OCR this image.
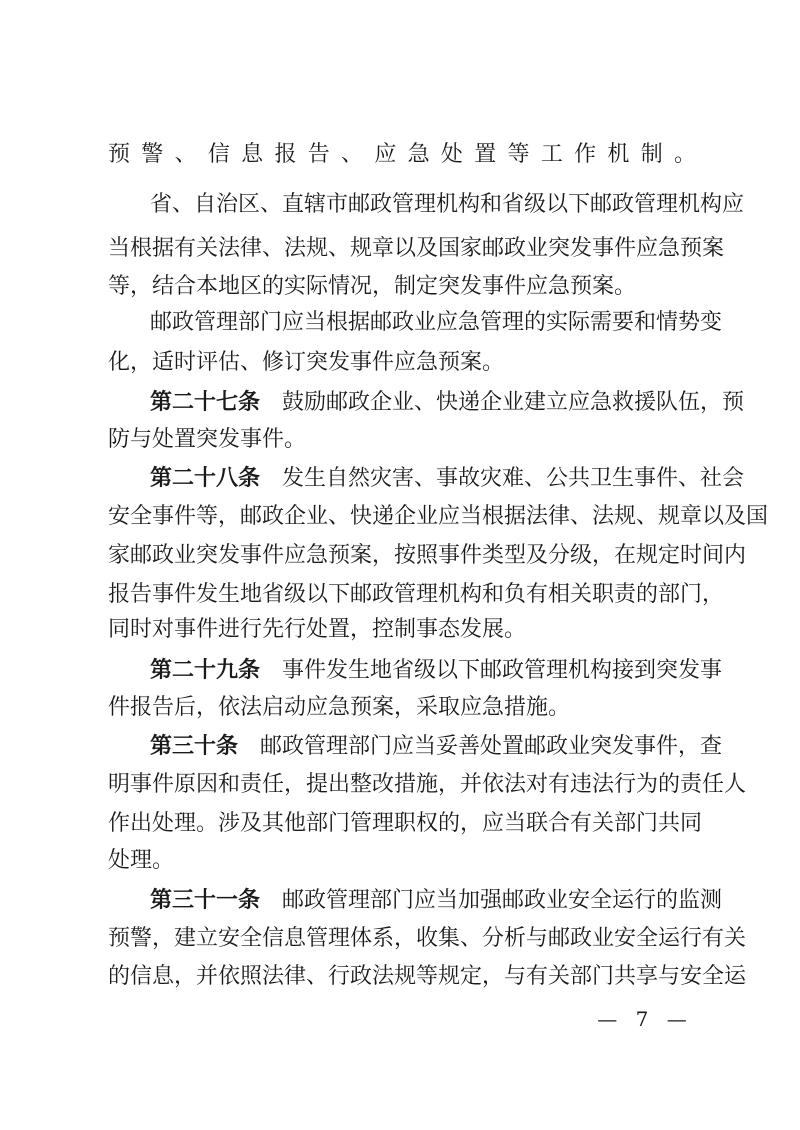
预警、信息报告、应急处置等工作机制。
省、自治区、直辖市邮政管理机构和省级以下邮政管理机构应
当根据有关法律、法规、规章以及国家邮政业突发事件应急预案
等，结合本地区的实际情况，制定突发事件应急预案。
邮政管理部门应当根据邮政业应急管理的实际需要和情势变
化，适时评估、修订突发事件应急预案。
第二十七条 鼓励邮政企业、快递企业建立应急救援队伍，预
防与处置突发事件。
第二十八条 发生自然灾害、事故灾难、公共卫生事件、社会
安全事件等，邮政企业、快递企业应当根据法律、法规、规章以及国
家邮政业突发事件应急预案，按照事件类型及分级，在规定时间内
报告事件发生地省级以下邮政管理机构和负有相关职责的部门，
同时对事件进行先行处置，控制事态发展。
第二十九条 事件发生地省级以下邮政管理机构接到突发事
件报告后，依法启动应急预案，采取应急措施。
第三十条 邮政管理部门应当妥善处置邮政业突发事件，查
明事件原因和责任，提出整改措施，并依法对有违法行为的责任人
作出处理。涉及其他部门管理职权的，应当联合有关部门共同
处理。
第三十一条 邮政管理部门应当加强邮政业安全运行的监测
预警，建立安全信息管理体系，收集、分析与邮政业安全运行有关
的信息，并依照法律、行政法规等规定，与有关部门共享与安全运
— 7 —
